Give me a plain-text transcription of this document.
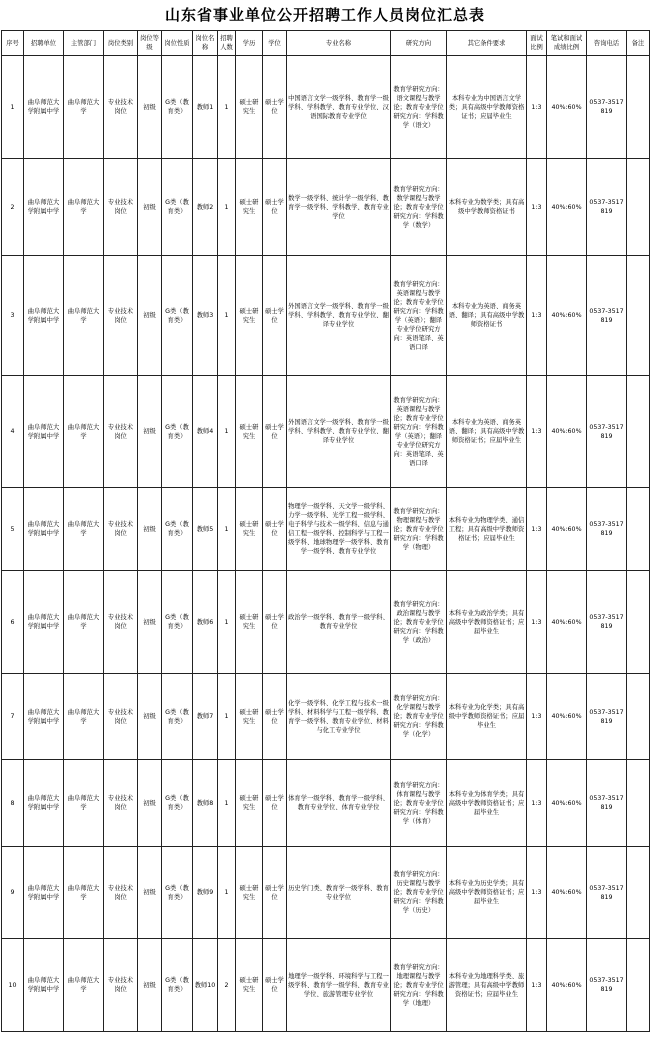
山东省事业单位公开招聘工作人员岗位汇总表
序号	招聘单位	主管部门	岗位类别	岗位等级	岗位性质	岗位名称	招聘人数	学历	学位	专业名称	研究方向	其它条件要求	面试比例	笔试和面试成绩比例	咨询电话	备注
1	曲阜师范大学附属中学	曲阜师范大学	专业技术岗位	初级	G类（教育类）	教师1	1	硕士研究生	硕士学位	中国语言文学一级学科、教育学一级学科、学科教学、教育专业学位、汉语国际教育专业学位	教育学研究方向：语文课程与教学论；教育专业学位研究方向：学科教学（语文）	本科专业为中国语言文学类；具有高级中学教师资格证书；应届毕业生	1:3	40%:60%	0537-3517819	
2	曲阜师范大学附属中学	曲阜师范大学	专业技术岗位	初级	G类（教育类）	教师2	1	硕士研究生	硕士学位	数学一级学科、统计学一级学科、教育学一级学科、学科教学、教育专业学位	教育学研究方向：数学课程与教学论；教育专业学位研究方向：学科教学（数学）	本科专业为数学类；具有高级中学教师资格证书	1:3	40%:60%	0537-3517819	
3	曲阜师范大学附属中学	曲阜师范大学	专业技术岗位	初级	G类（教育类）	教师3	1	硕士研究生	硕士学位	外国语言文学一级学科、教育学一级学科、学科教学、教育专业学位、翻译专业学位	教育学研究方向：英语课程与教学论；教育专业学位研究方向：学科教学（英语）；翻译专业学位研究方向：英语笔译、英语口译	本科专业为英语、商务英语、翻译；具有高级中学教师资格证书	1:3	40%:60%	0537-3517819	
4	曲阜师范大学附属中学	曲阜师范大学	专业技术岗位	初级	G类（教育类）	教师4	1	硕士研究生	硕士学位	外国语言文学一级学科、教育学一级学科、学科教学、教育专业学位、翻译专业学位	教育学研究方向：英语课程与教学论；教育专业学位研究方向：学科教学（英语）；翻译专业学位研究方向：英语笔译、英语口译	本科专业为英语、商务英语、翻译；具有高级中学教师资格证书；应届毕业生	1:3	40%:60%	0537-3517819	
5	曲阜师范大学附属中学	曲阜师范大学	专业技术岗位	初级	G类（教育类）	教师5	1	硕士研究生	硕士学位	物理学一级学科、天文学一级学科、力学一级学科、光学工程一级学科、电子科学与技术一级学科、信息与通信工程一级学科、控制科学与工程一级学科、地球物理学一级学科、教育学一级学科、教育专业学位	教育学研究方向：物理课程与教学论；教育专业学位研究方向：学科教学（物理）	本科专业为物理学类、通信工程；具有高级中学教师资格证书；应届毕业生	1:3	40%:60%	0537-3517819	
6	曲阜师范大学附属中学	曲阜师范大学	专业技术岗位	初级	G类（教育类）	教师6	1	硕士研究生	硕士学位	政治学一级学科、教育学一级学科、教育专业学位	教育学研究方向：政治课程与教学论；教育专业学位研究方向：学科教学（政治）	本科专业为政治学类；具有高级中学教师资格证书；应届毕业生	1:3	40%:60%	0537-3517819	
7	曲阜师范大学附属中学	曲阜师范大学	专业技术岗位	初级	G类（教育类）	教师7	1	硕士研究生	硕士学位	化学一级学科、化学工程与技术一级学科、材料科学与工程一级学科、教育学一级学科、教育专业学位、材料与化工专业学位	教育学研究方向：化学课程与教学论；教育专业学位研究方向：学科教学（化学）	本科专业为化学类；具有高级中学教师资格证书；应届毕业生	1:3	40%:60%	0537-3517819	
8	曲阜师范大学附属中学	曲阜师范大学	专业技术岗位	初级	G类（教育类）	教师8	1	硕士研究生	硕士学位	体育学一级学科、教育学一级学科、教育专业学位、体育专业学位	教育学研究方向：体育课程与教学论；教育专业学位研究方向：学科教学（体育）	本科专业为体育学类；具有高级中学教师资格证书；应届毕业生	1:3	40%:60%	0537-3517819	
9	曲阜师范大学附属中学	曲阜师范大学	专业技术岗位	初级	G类（教育类）	教师9	1	硕士研究生	硕士学位	历史学门类、教育学一级学科、教育专业学位	教育学研究方向：历史课程与教学论；教育专业学位研究方向：学科教学（历史）	本科专业为历史学类；具有高级中学教师资格证书；应届毕业生	1:3	40%:60%	0537-3517819	
10	曲阜师范大学附属中学	曲阜师范大学	专业技术岗位	初级	G类（教育类）	教师10	2	硕士研究生	硕士学位	地理学一级学科、环境科学与工程一级学科、教育学一级学科、教育专业学位、旅游管理专业学位	教育学研究方向：地理课程与教学论；教育专业学位研究方向：学科教学（地理）	本科专业为地理科学类、旅游管理；具有高级中学教师资格证书；应届毕业生	1:3	40%:60%	0537-3517819	
